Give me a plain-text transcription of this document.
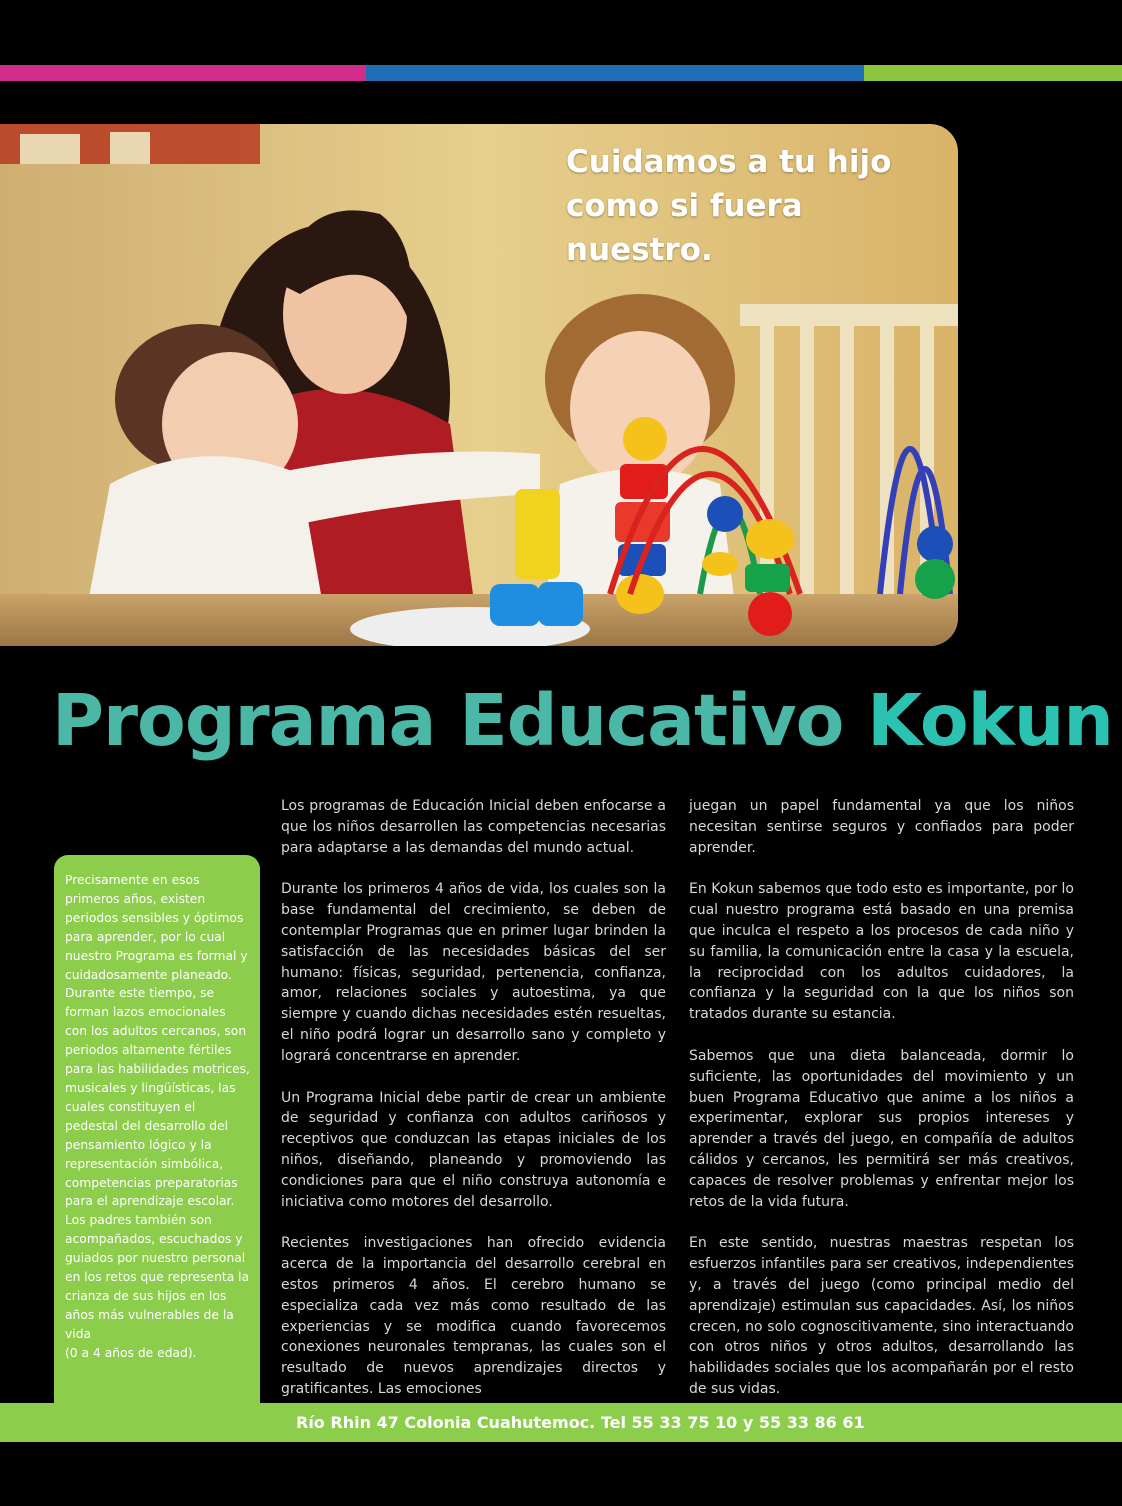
Cuidamos a tu hijo
como si fuera nuestro.
Programa Educativo Kokun

Precisamente en esos primeros años, existen periodos sensibles y óptimos para aprender, por lo cual nuestro Programa es formal y cuidadosamente planeado. Durante este tiempo, se forman lazos emocionales con los adultos cercanos, son periodos altamente fértiles para las habilidades motrices, musicales y lingüísticas, las cuales constituyen el pedestal del desarrollo del pensamiento lógico y la representación simbólica, competencias preparatorias para el aprendizaje escolar.

Los padres también son acompañados, escuchados y guiados por nuestro personal en los retos que representa la crianza de sus hijos en los años más vulnerables de la vida

(0 a 4 años de edad).

Los programas de Educación Inicial deben enfocarse a que los niños desarrollen las competencias necesarias para adaptarse a las demandas del mundo actual.

Durante los primeros 4 años de vida, los cuales son la base fundamental del crecimiento, se deben de contemplar Programas que en primer lugar brinden la satisfacción de las necesidades básicas del ser humano: físicas, seguridad, pertenencia, confianza, amor, relaciones sociales y autoestima, ya que siempre y cuando dichas necesidades estén resueltas, el niño podrá lograr un desarrollo sano y completo y logrará concentrarse en aprender.

Un Programa Inicial debe partir de crear un ambiente de seguridad y confianza con adultos cariñosos y receptivos que conduzcan las etapas iniciales de los niños, diseñando, planeando y promoviendo las condiciones para que el niño construya autonomía e iniciativa como motores del desarrollo.

Recientes investigaciones han ofrecido evidencia acerca de la importancia del desarrollo cerebral en estos primeros 4 años. El cerebro humano se especializa cada vez más como resultado de las experiencias y se modifica cuando favorecemos conexiones neuronales tempranas, las cuales son el resultado de nuevos aprendizajes directos y gratificantes. Las emociones

juegan un papel fundamental ya que los niños necesitan sentirse seguros y confiados para poder aprender.

En Kokun sabemos que todo esto es importante, por lo cual nuestro programa está basado en una premisa que inculca el respeto a los procesos de cada niño y su familia, la comunicación entre la casa y la escuela, la reciprocidad con los adultos cuidadores, la confianza y la seguridad con la que los niños son tratados durante su estancia.

Sabemos que una dieta balanceada, dormir lo suficiente, las oportunidades del movimiento y un buen Programa Educativo que anime a los niños a experimentar, explorar sus propios intereses y aprender a través del juego, en compañía de adultos cálidos y cercanos, les permitirá ser más creativos, capaces de resolver problemas y enfrentar mejor los retos de la vida futura.

En este sentido, nuestras maestras respetan los esfuerzos infantiles para ser creativos, independientes y, a través del juego (como principal medio del aprendizaje) estimulan sus capacidades. Así, los niños crecen, no solo cognoscitivamente, sino interactuando con otros niños y otros adultos, desarrollando las habilidades sociales que los acompañarán por el resto de sus vidas.

Río Rhin 47 Colonia Cuahutemoc. Tel 55 33 75 10 y 55 33 86 61
